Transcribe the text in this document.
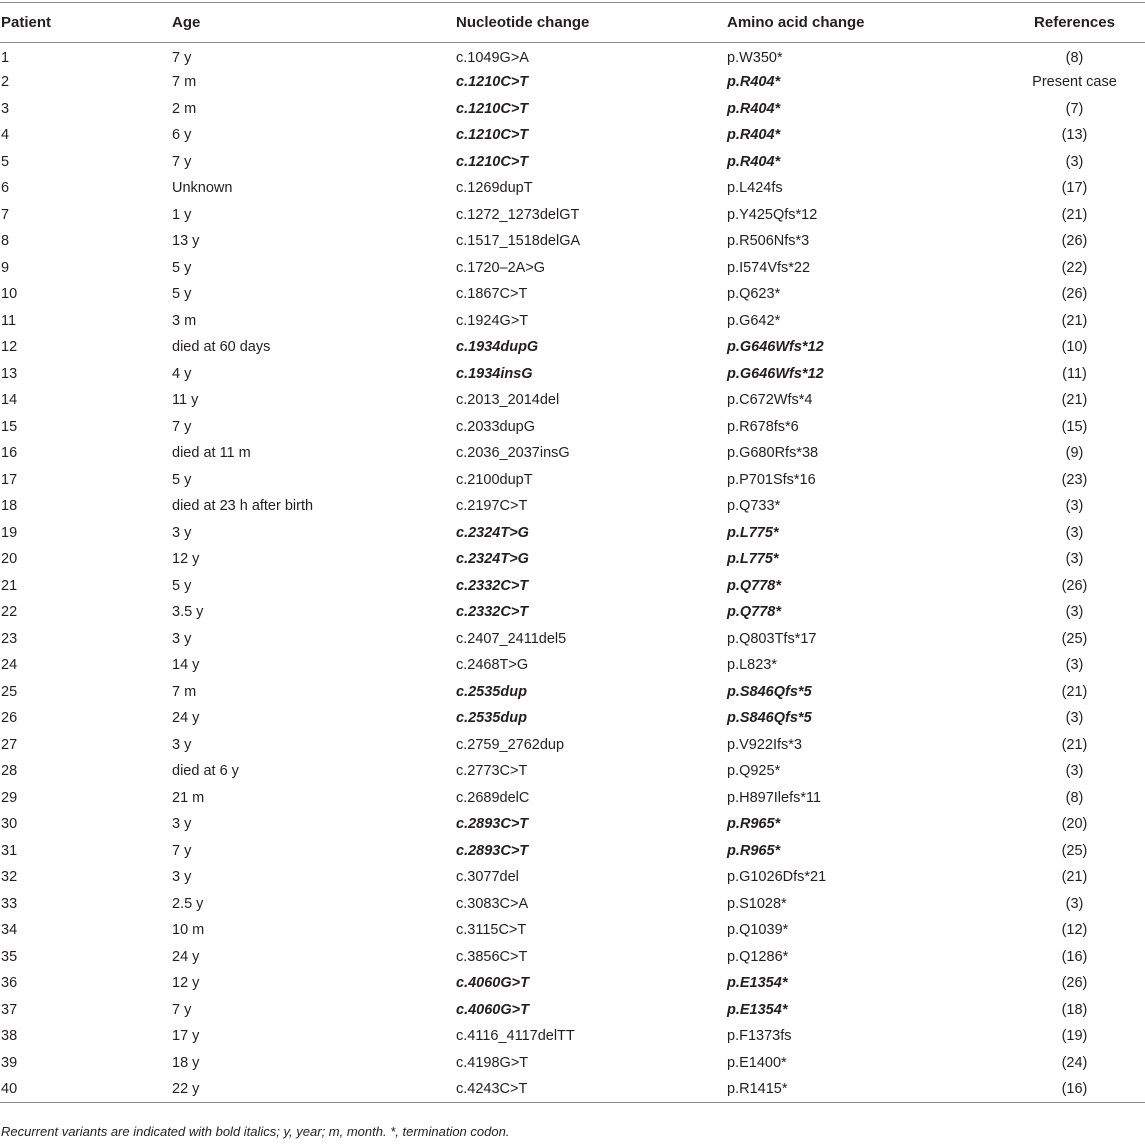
Patient	Age	Nucleotide change	Amino acid change	References
1	7 y	c.1049G>A	p.W350*	(8)
2	7 m	c.1210C>T	p.R404*	Present case
3	2 m	c.1210C>T	p.R404*	(7)
4	6 y	c.1210C>T	p.R404*	(13)
5	7 y	c.1210C>T	p.R404*	(3)
6	Unknown	c.1269dupT	p.L424fs	(17)
7	1 y	c.1272_1273delGT	p.Y425Qfs*12	(21)
8	13 y	c.1517_1518delGA	p.R506Nfs*3	(26)
9	5 y	c.1720–2A>G	p.I574Vfs*22	(22)
10	5 y	c.1867C>T	p.Q623*	(26)
11	3 m	c.1924G>T	p.G642*	(21)
12	died at 60 days	c.1934dupG	p.G646Wfs*12	(10)
13	4 y	c.1934insG	p.G646Wfs*12	(11)
14	11 y	c.2013_2014del	p.C672Wfs*4	(21)
15	7 y	c.2033dupG	p.R678fs*6	(15)
16	died at 11 m	c.2036_2037insG	p.G680Rfs*38	(9)
17	5 y	c.2100dupT	p.P701Sfs*16	(23)
18	died at 23 h after birth	c.2197C>T	p.Q733*	(3)
19	3 y	c.2324T>G	p.L775*	(3)
20	12 y	c.2324T>G	p.L775*	(3)
21	5 y	c.2332C>T	p.Q778*	(26)
22	3.5 y	c.2332C>T	p.Q778*	(3)
23	3 y	c.2407_2411del5	p.Q803Tfs*17	(25)
24	14 y	c.2468T>G	p.L823*	(3)
25	7 m	c.2535dup	p.S846Qfs*5	(21)
26	24 y	c.2535dup	p.S846Qfs*5	(3)
27	3 y	c.2759_2762dup	p.V922Ifs*3	(21)
28	died at 6 y	c.2773C>T	p.Q925*	(3)
29	21 m	c.2689delC	p.H897Ilefs*11	(8)
30	3 y	c.2893C>T	p.R965*	(20)
31	7 y	c.2893C>T	p.R965*	(25)
32	3 y	c.3077del	p.G1026Dfs*21	(21)
33	2.5 y	c.3083C>A	p.S1028*	(3)
34	10 m	c.3115C>T	p.Q1039*	(12)
35	24 y	c.3856C>T	p.Q1286*	(16)
36	12 y	c.4060G>T	p.E1354*	(26)
37	7 y	c.4060G>T	p.E1354*	(18)
38	17 y	c.4116_4117delTT	p.F1373fs	(19)
39	18 y	c.4198G>T	p.E1400*	(24)
40	22 y	c.4243C>T	p.R1415*	(16)
Recurrent variants are indicated with bold italics; y, year; m, month. *, termination codon.
